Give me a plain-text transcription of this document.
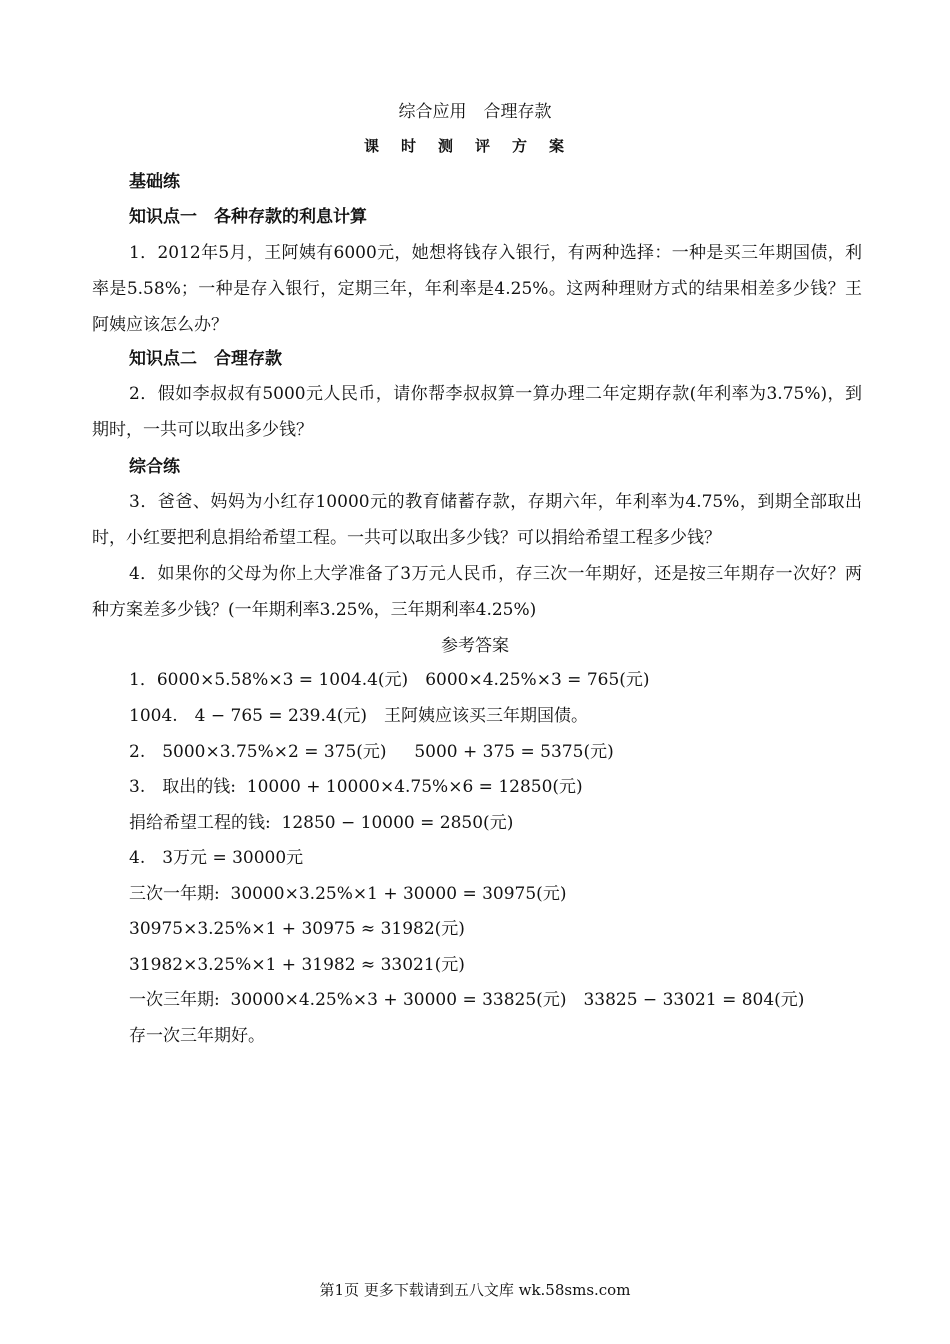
综合应用　合理存款
课时测评方案
基础练
知识点一　各种存款的利息计算
1．2012年5月，王阿姨有6000元，她想将钱存入银行，有两种选择：一种是买三年期国债，利率是5.58%；一种是存入银行，定期三年，年利率是4.25%。这两种理财方式的结果相差多少钱？王阿姨应该怎么办？
知识点二　合理存款
2．假如李叔叔有5000元人民币，请你帮李叔叔算一算办理二年定期存款(年利率为3.75%)，到期时，一共可以取出多少钱？
综合练
3．爸爸、妈妈为小红存10000元的教育储蓄存款，存期六年，年利率为4.75%，到期全部取出时，小红要把利息捐给希望工程。一共可以取出多少钱？可以捐给希望工程多少钱？
4．如果你的父母为你上大学准备了3万元人民币，存三次一年期好，还是按三年期存一次好？两种方案差多少钱？(一年期利率3.25%，三年期利率4.25%)
参考答案
1．6000×5.58%×3 = 1004.4(元)　6000×4.25%×3 = 765(元)
1004.　4 − 765 = 239.4(元)　王阿姨应该买三年期国债。
2.　5000×3.75%×2 = 375(元)　  5000 + 375 = 5375(元)
3.　取出的钱:  10000 + 10000×4.75%×6 = 12850(元)
捐给希望工程的钱:  12850 − 10000 = 2850(元)
4.　3万元 = 30000元
三次一年期:  30000×3.25%×1 + 30000 = 30975(元)
30975×3.25%×1 + 30975 ≈ 31982(元)
31982×3.25%×1 + 31982 ≈ 33021(元)
一次三年期:  30000×4.25%×3 + 30000 = 33825(元)　33825 − 33021 = 804(元)
存一次三年期好。
第1页 更多下载请到五八文库 wk.58sms.com
